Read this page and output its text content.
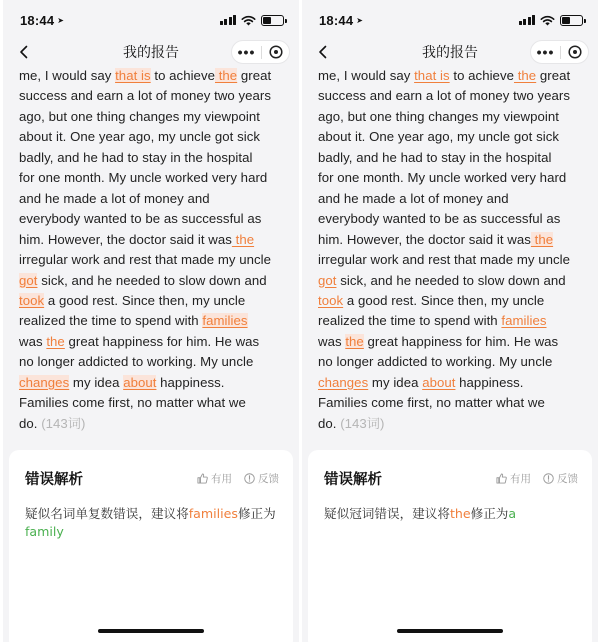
18:44 ➤
我的报告	•••
me, I would say that is to achieve the great
success and earn a lot of money two years
ago, but one thing changes my viewpoint
about it. One year ago, my uncle got sick
badly, and he had to stay in the hospital
for one month. My uncle worked very hard
and he made a lot of money and
everybody wanted to be as successful as
him. However, the doctor said it was the
irregular work and rest that made my uncle
got sick, and he needed to slow down and
took a good rest. Since then, my uncle
realized the time to spend with families
was the great happiness for him. He was
no longer addicted to working. My uncle
changes my idea about happiness.
Families come first, no matter what we
do. (143词)
错误解析	有用 反馈
疑似名词单复数错误，建议将families修正为family
18:44 ➤
我的报告	•••
me, I would say that is to achieve the great
success and earn a lot of money two years
ago, but one thing changes my viewpoint
about it. One year ago, my uncle got sick
badly, and he had to stay in the hospital
for one month. My uncle worked very hard
and he made a lot of money and
everybody wanted to be as successful as
him. However, the doctor said it was the
irregular work and rest that made my uncle
got sick, and he needed to slow down and
took a good rest. Since then, my uncle
realized the time to spend with families
was the great happiness for him. He was
no longer addicted to working. My uncle
changes my idea about happiness.
Families come first, no matter what we
do. (143词)
错误解析	有用 反馈
疑似冠词错误，建议将the修正为a
